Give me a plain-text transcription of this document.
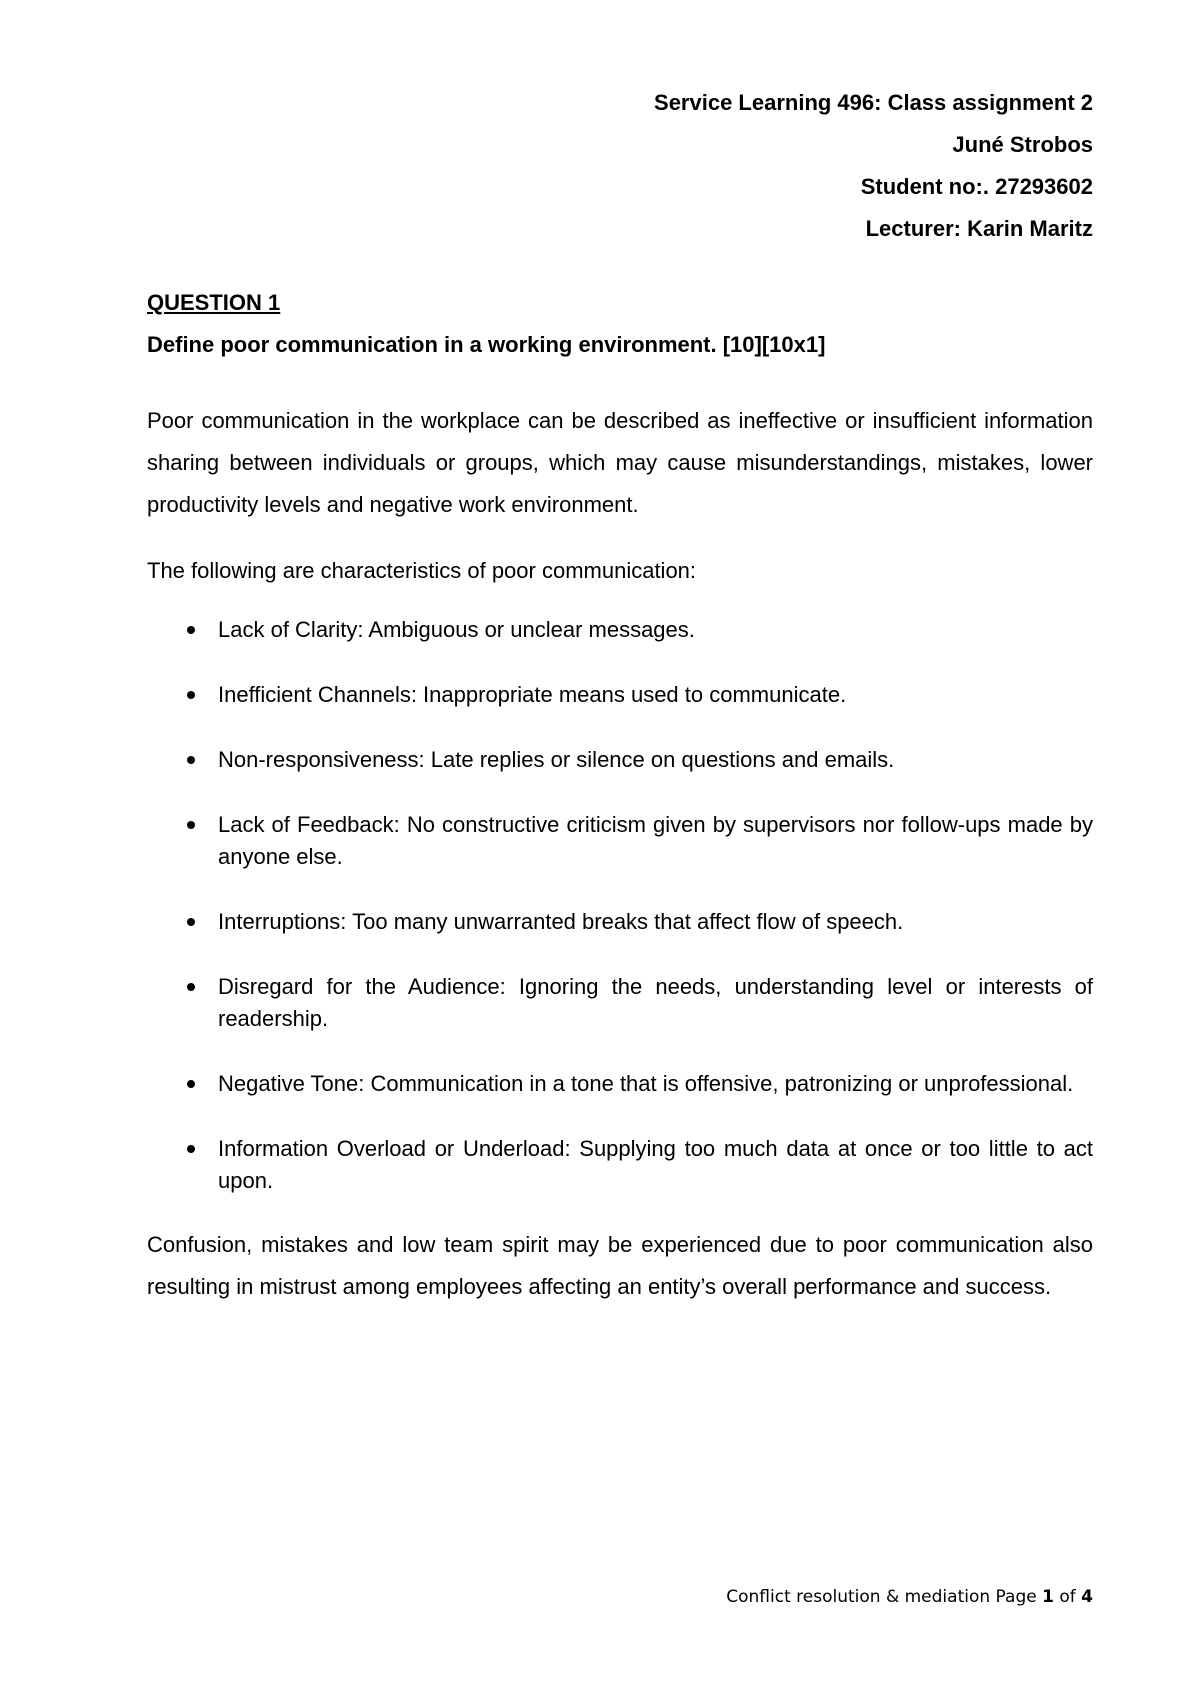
Service Learning 496: Class assignment 2
Juné Strobos
Student no:. 27293602
Lecturer: Karin Maritz
QUESTION 1
Define poor communication in a working environment. [10][10x1]
Poor communication in the workplace can be described as ineffective or insufficient information sharing between individuals or groups, which may cause misunderstandings, mistakes, lower productivity levels and negative work environment.
The following are characteristics of poor communication:
Lack of Clarity: Ambiguous or unclear messages.
Inefficient Channels: Inappropriate means used to communicate.
Non-responsiveness: Late replies or silence on questions and emails.
Lack of Feedback: No constructive criticism given by supervisors nor follow-ups made by anyone else.
Interruptions: Too many unwarranted breaks that affect flow of speech.
Disregard for the Audience: Ignoring the needs, understanding level or interests of readership.
Negative Tone: Communication in a tone that is offensive, patronizing or unprofessional.
Information Overload or Underload: Supplying too much data at once or too little to act upon.
Confusion, mistakes and low team spirit may be experienced due to poor communication also resulting in mistrust among employees affecting an entity’s overall performance and success.
Conflict resolution & mediation Page 1 of 4
